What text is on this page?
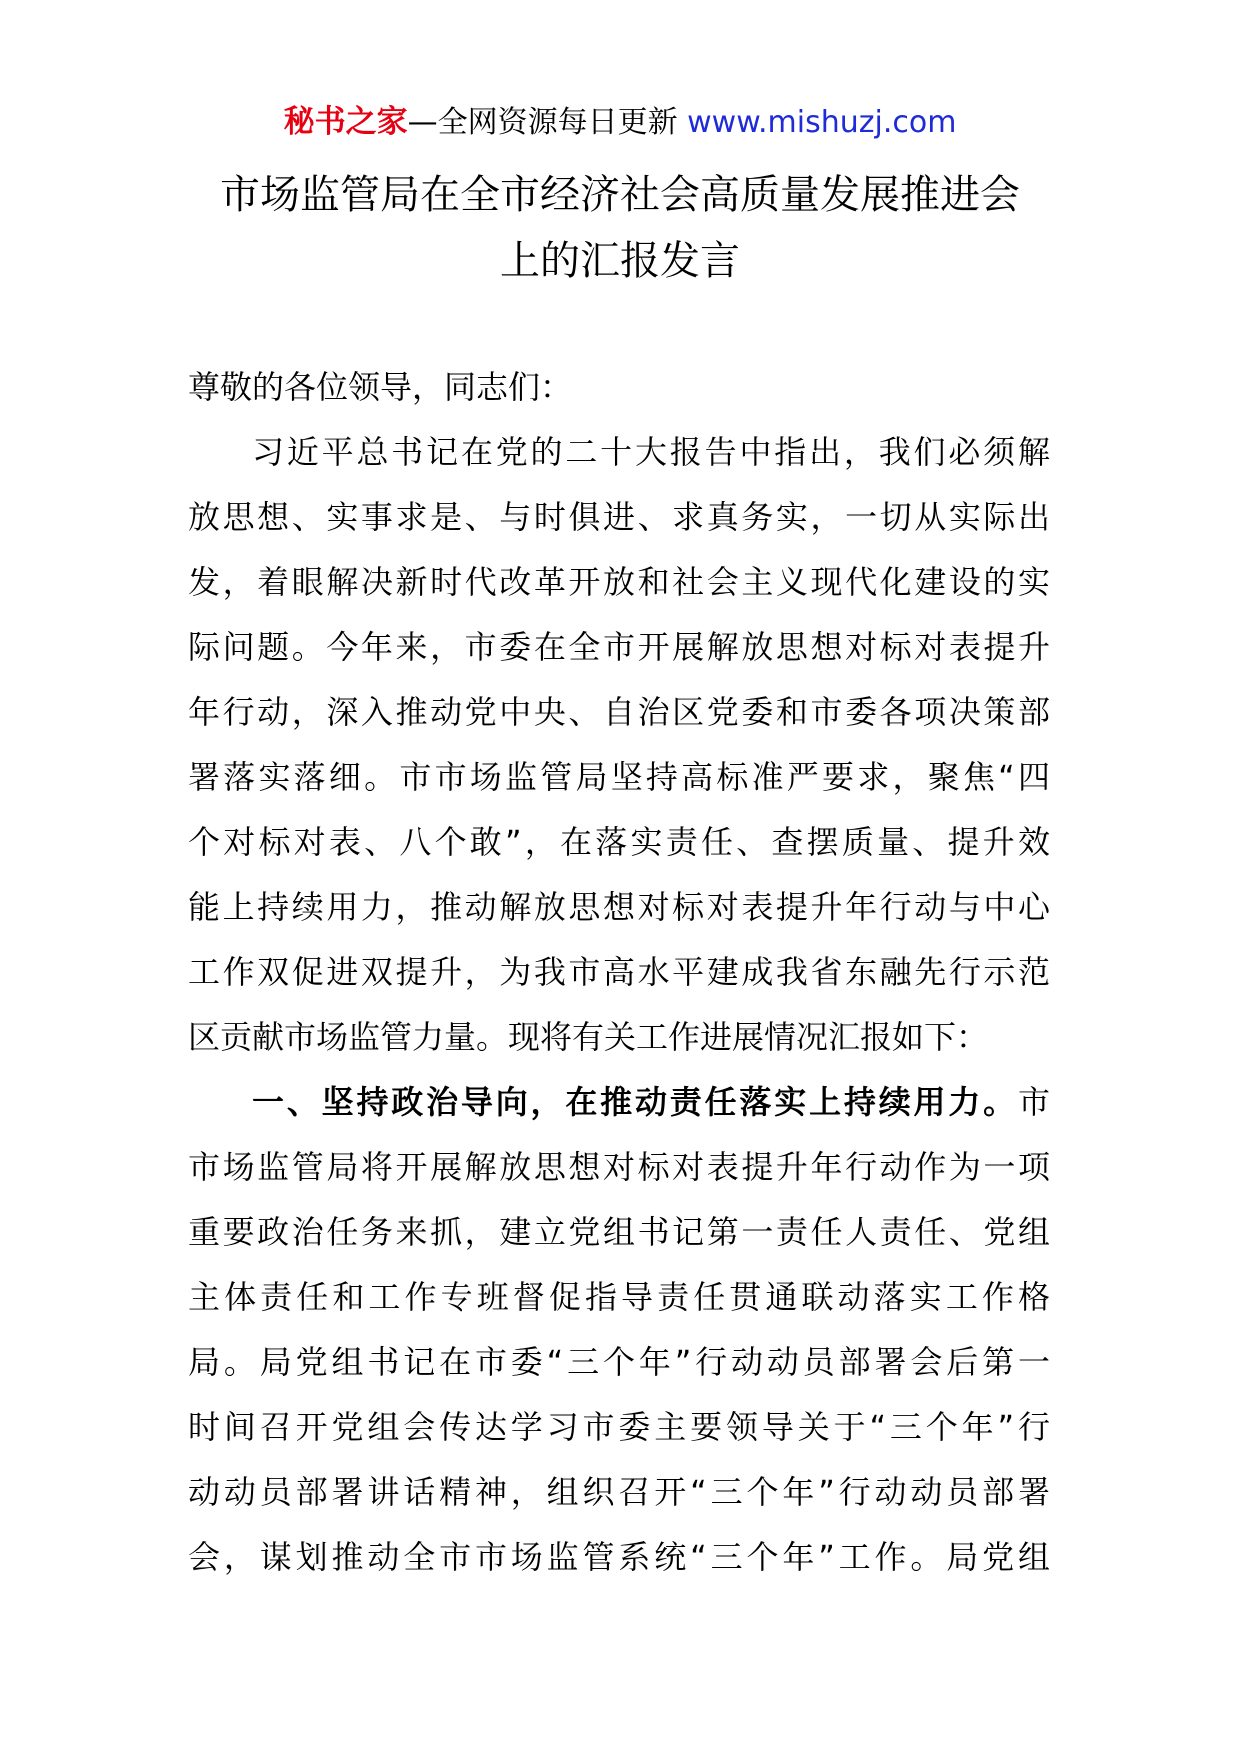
秘书之家—全网资源每日更新 www.mishuzj.com
市场监管局在全市经济社会高质量发展推进会
上的汇报发言
尊敬的各位领导，同志们：
习近平总书记在党的二十大报告中指出，我们必须解
放思想、实事求是、与时俱进、求真务实，一切从实际出
发，着眼解决新时代改革开放和社会主义现代化建设的实
际问题。今年来，市委在全市开展解放思想对标对表提升
年行动，深入推动党中央、自治区党委和市委各项决策部
署落实落细。市市场监管局坚持高标准严要求，聚焦“四
个对标对表、八个敢”，在落实责任、查摆质量、提升效
能上持续用力，推动解放思想对标对表提升年行动与中心
工作双促进双提升，为我市高水平建成我省东融先行示范
区贡献市场监管力量。现将有关工作进展情况汇报如下：
一、坚持政治导向，在推动责任落实上持续用力。市
市场监管局将开展解放思想对标对表提升年行动作为一项
重要政治任务来抓，建立党组书记第一责任人责任、党组
主体责任和工作专班督促指导责任贯通联动落实工作格
局。局党组书记在市委“三个年”行动动员部署会后第一
时间召开党组会传达学习市委主要领导关于“三个年”行
动动员部署讲话精神，组织召开“三个年”行动动员部署
会，谋划推动全市市场监管系统“三个年”工作。局党组
